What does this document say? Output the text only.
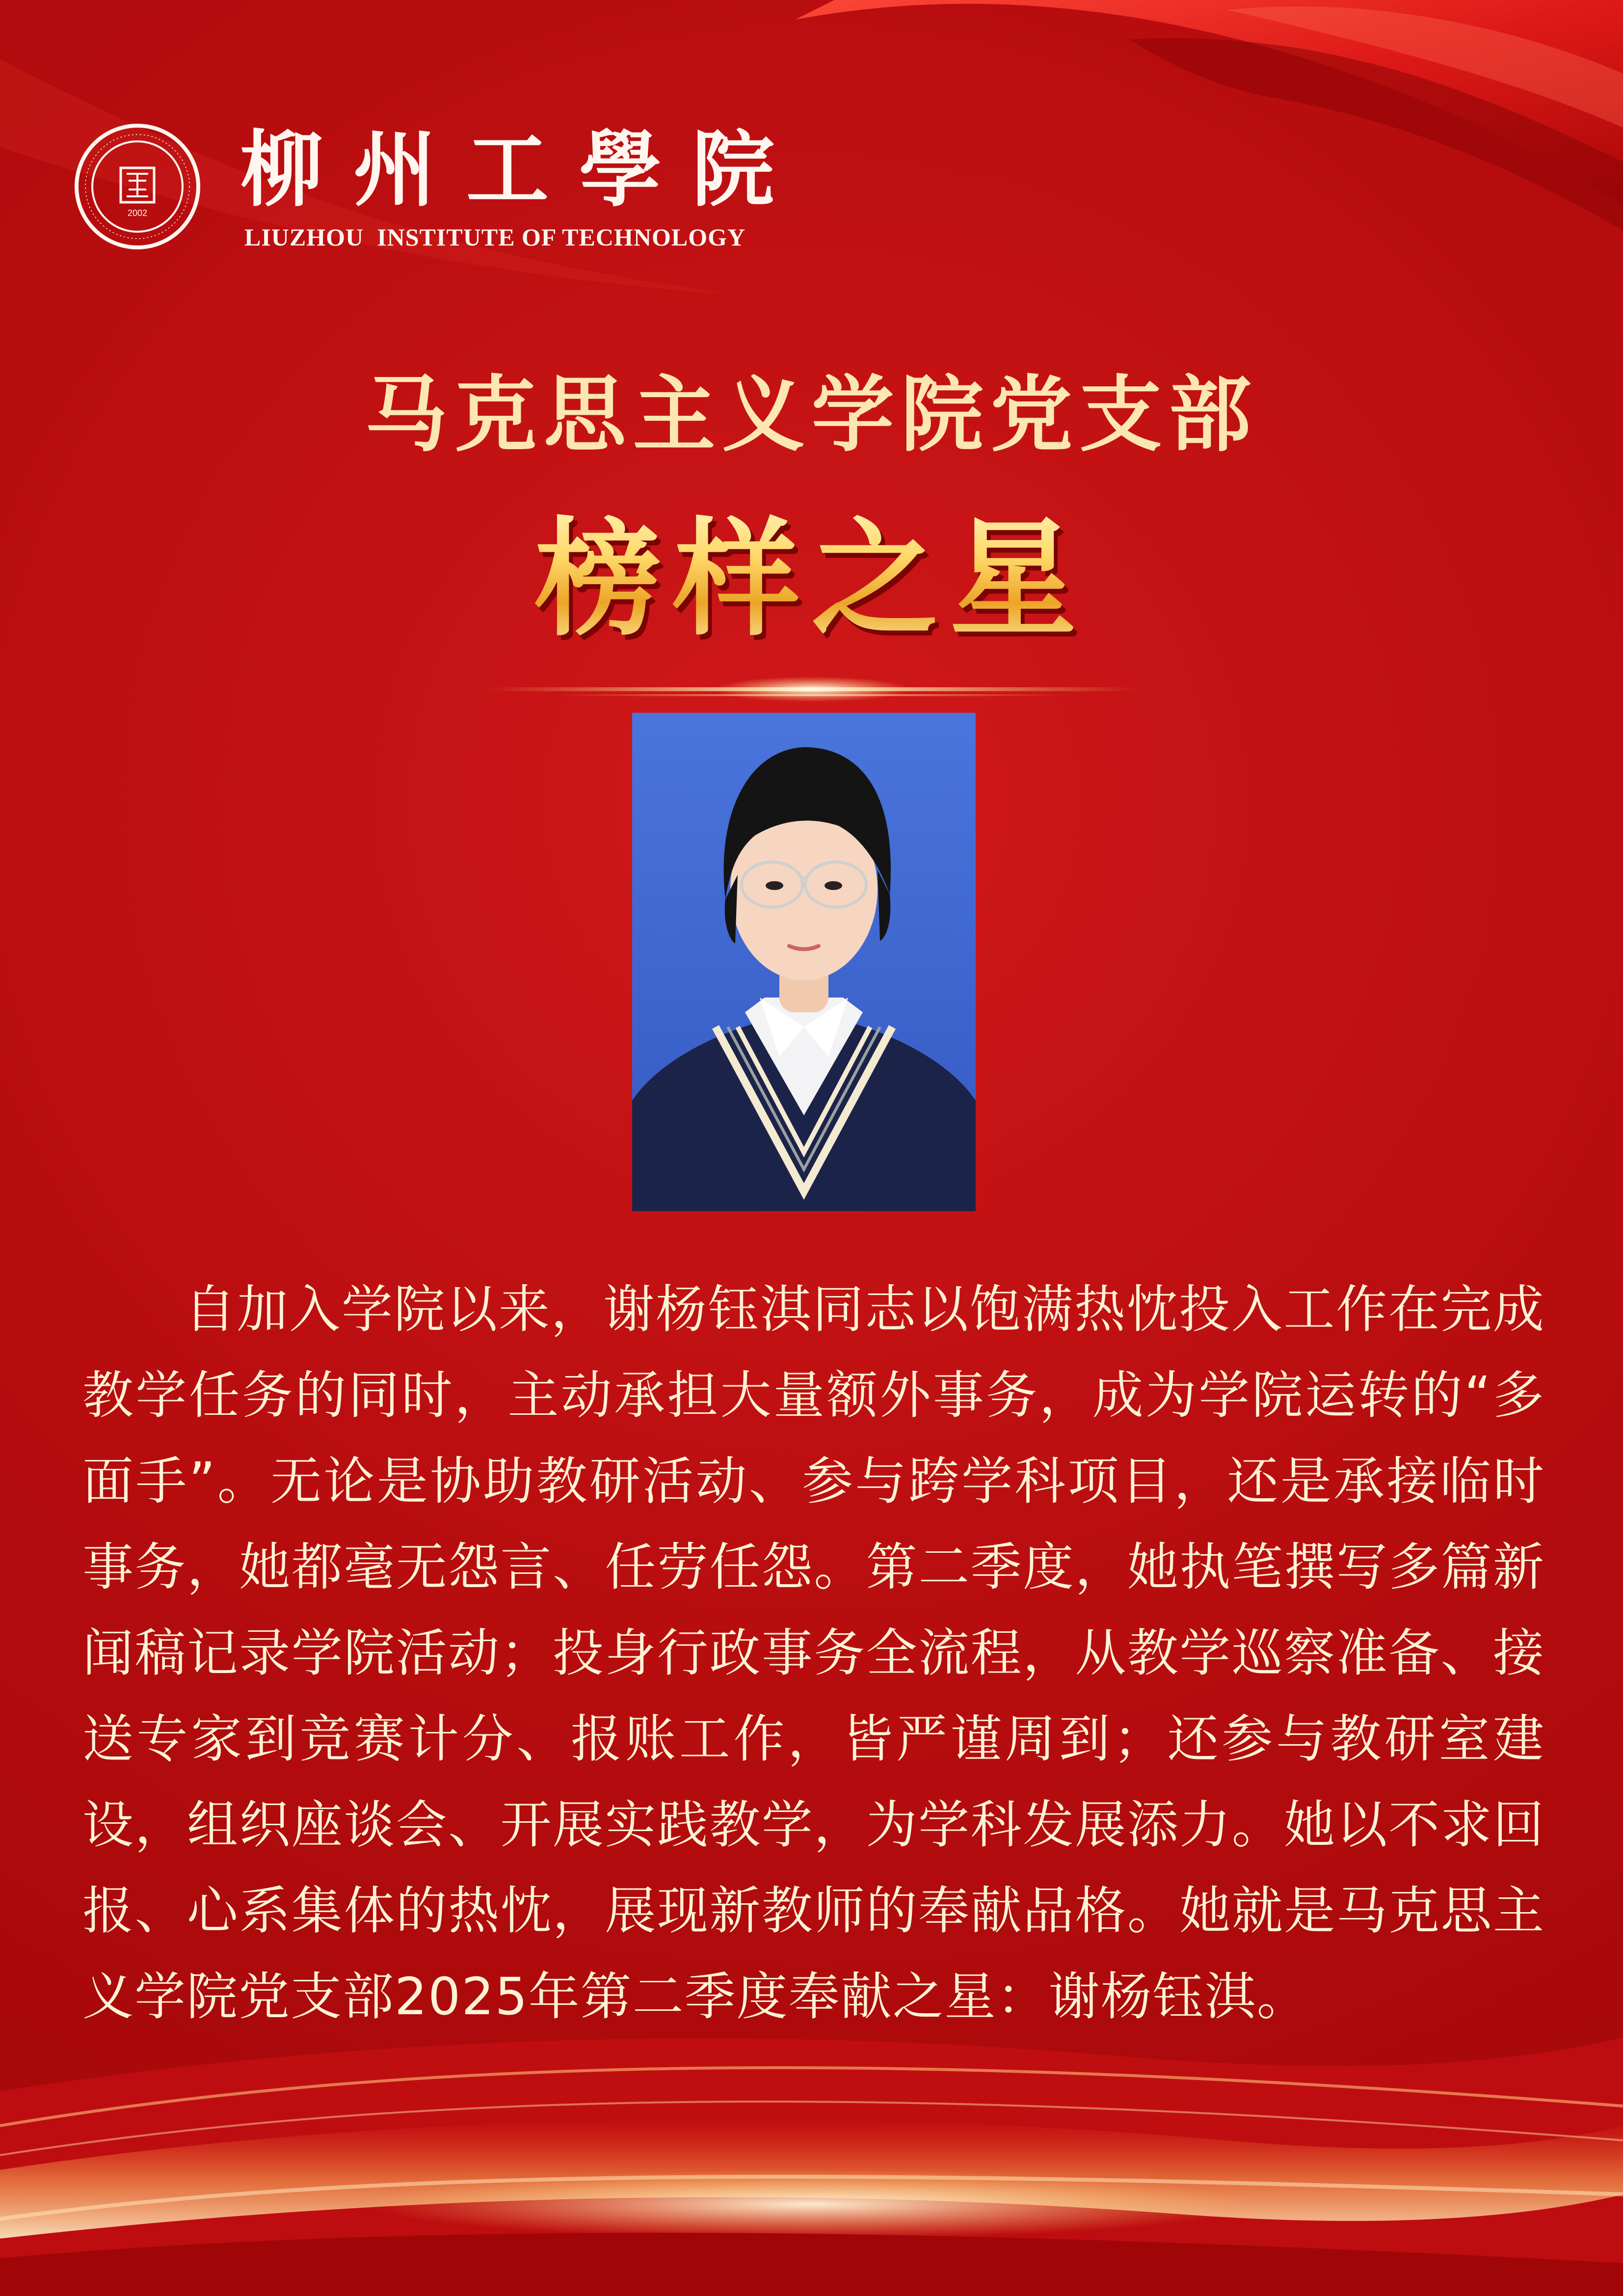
2002 柳州工學院
LIUZHOU  INSTITUTE OF TECHNOLOGY
马克思主义学院党支部
榜样之星
自加入学院以来，谢杨钰淇同志以饱满热忱投入工作在完成教学任务的同时，主动承担大量额外事务，成为学院运转的“多面手”。无论是协助教研活动、参与跨学科项目，还是承接临时事务，她都毫无怨言、任劳任怨。第二季度，她执笔撰写多篇新闻稿记录学院活动；投身行政事务全流程，从教学巡察准备、接送专家到竞赛计分、报账工作，皆严谨周到；还参与教研室建设，组织座谈会、开展实践教学，为学科发展添力。她以不求回报、心系集体的热忱，展现新教师的奉献品格。她就是马克思主义学院党支部2025年第二季度奉献之星：谢杨钰淇。
